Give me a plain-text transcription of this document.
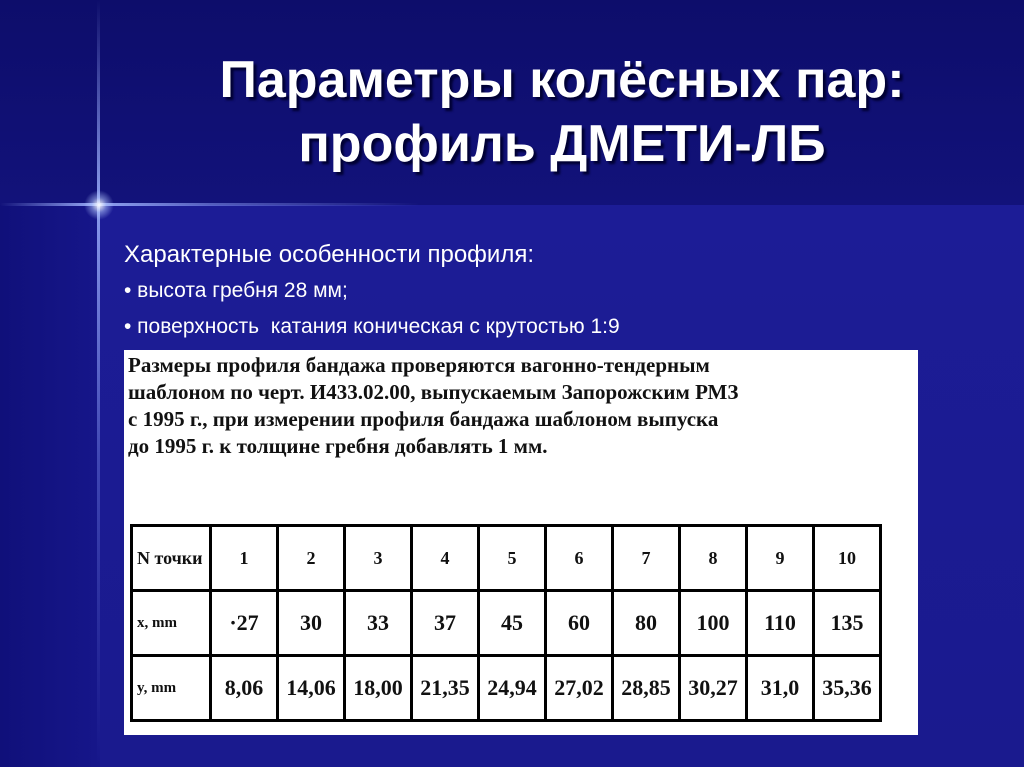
Параметры колёсных пар:
профиль ДМЕТИ-ЛБ
Характерные особенности профиля:
• высота гребня 28 мм;
• поверхность  катания коническая с крутостью 1:9
Размеры профиля бандажа проверяются вагонно-тендерным
шаблоном по черт. И433.02.00, выпускаемым Запорожским РМЗ
с 1995 г., при измерении профиля бандажа шаблоном выпуска
до 1995 г. к толщине гребня добавлять 1 мм.
N точки	1	2	3	4	5	6	7	8	9	10
x, mm	·27	30	33	37	45	60	80	100	110	135
y, mm	8,06	14,06	18,00	21,35	24,94	27,02	28,85	30,27	31,0	35,36
